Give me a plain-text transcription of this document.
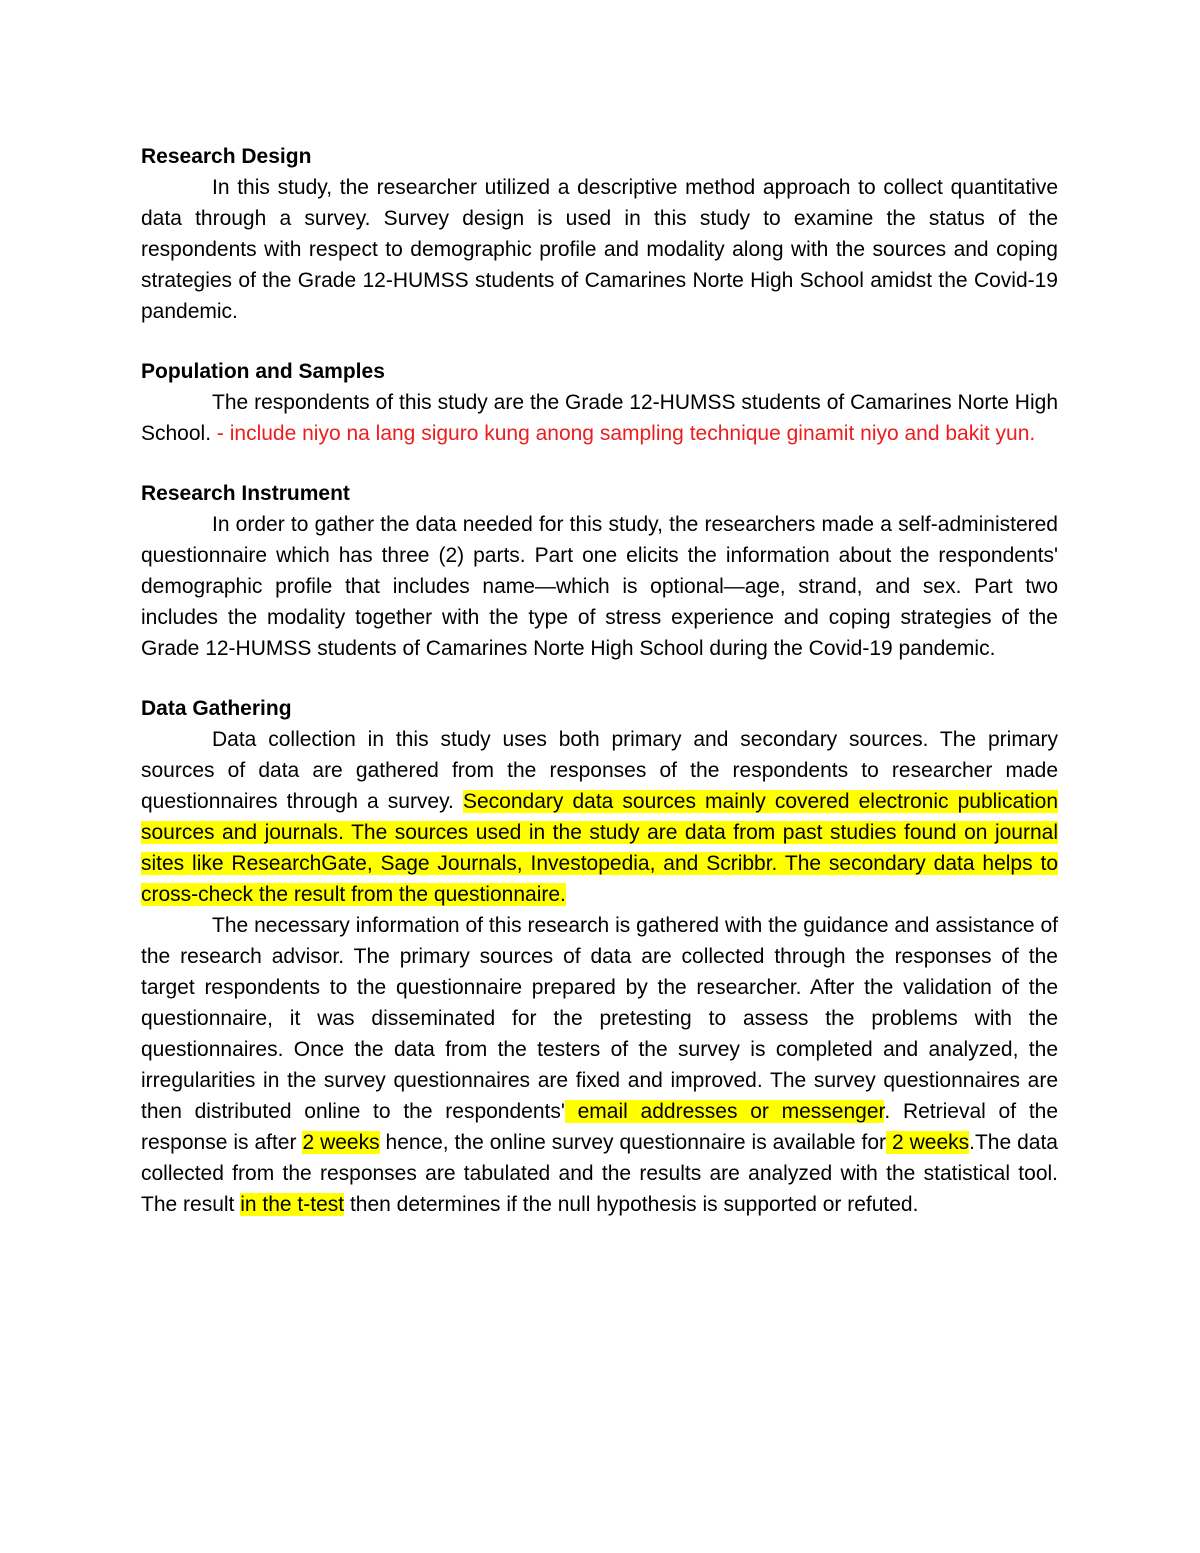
Research Design

In this study, the researcher utilized a descriptive method approach to collect quantitative data through a survey. Survey design is used in this study to examine the status of the respondents with respect to demographic profile and modality along with the sources and coping strategies of the Grade 12-HUMSS students of Camarines Norte High School amidst the Covid-19 pandemic.

Population and Samples

The respondents of this study are the Grade 12-HUMSS students of Camarines Norte High School. - include niyo na lang siguro kung anong sampling technique ginamit niyo and bakit yun.

Research Instrument

In order to gather the data needed for this study, the researchers made a self-administered questionnaire which has three (2) parts. Part one elicits the information about the respondents' demographic profile that includes name—which is optional—age, strand, and sex. Part two includes the modality together with the type of stress experience and coping strategies of the Grade 12-HUMSS students of Camarines Norte High School during the Covid-19 pandemic.

Data Gathering

Data collection in this study uses both primary and secondary sources. The primary sources of data are gathered from the responses of the respondents to researcher made questionnaires through a survey. Secondary data sources mainly covered electronic publication sources and journals. The sources used in the study are data from past studies found on journal sites like ResearchGate, Sage Journals, Investopedia, and Scribbr. The secondary data helps to cross-check the result from the questionnaire.

The necessary information of this research is gathered with the guidance and assistance of the research advisor. The primary sources of data are collected through the responses of the target respondents to the questionnaire prepared by the researcher. After the validation of the questionnaire, it was disseminated for the pretesting to assess the problems with the questionnaires. Once the data from the testers of the survey is completed and analyzed, the irregularities in the survey questionnaires are fixed and improved. The survey questionnaires are then distributed online to the respondents' email addresses or messenger. Retrieval of the response is after 2 weeks hence, the online survey questionnaire is available for 2 weeks.The data collected from the responses are tabulated and the results are analyzed with the statistical tool. The result in the t-test then determines if the null hypothesis is supported or refuted.
